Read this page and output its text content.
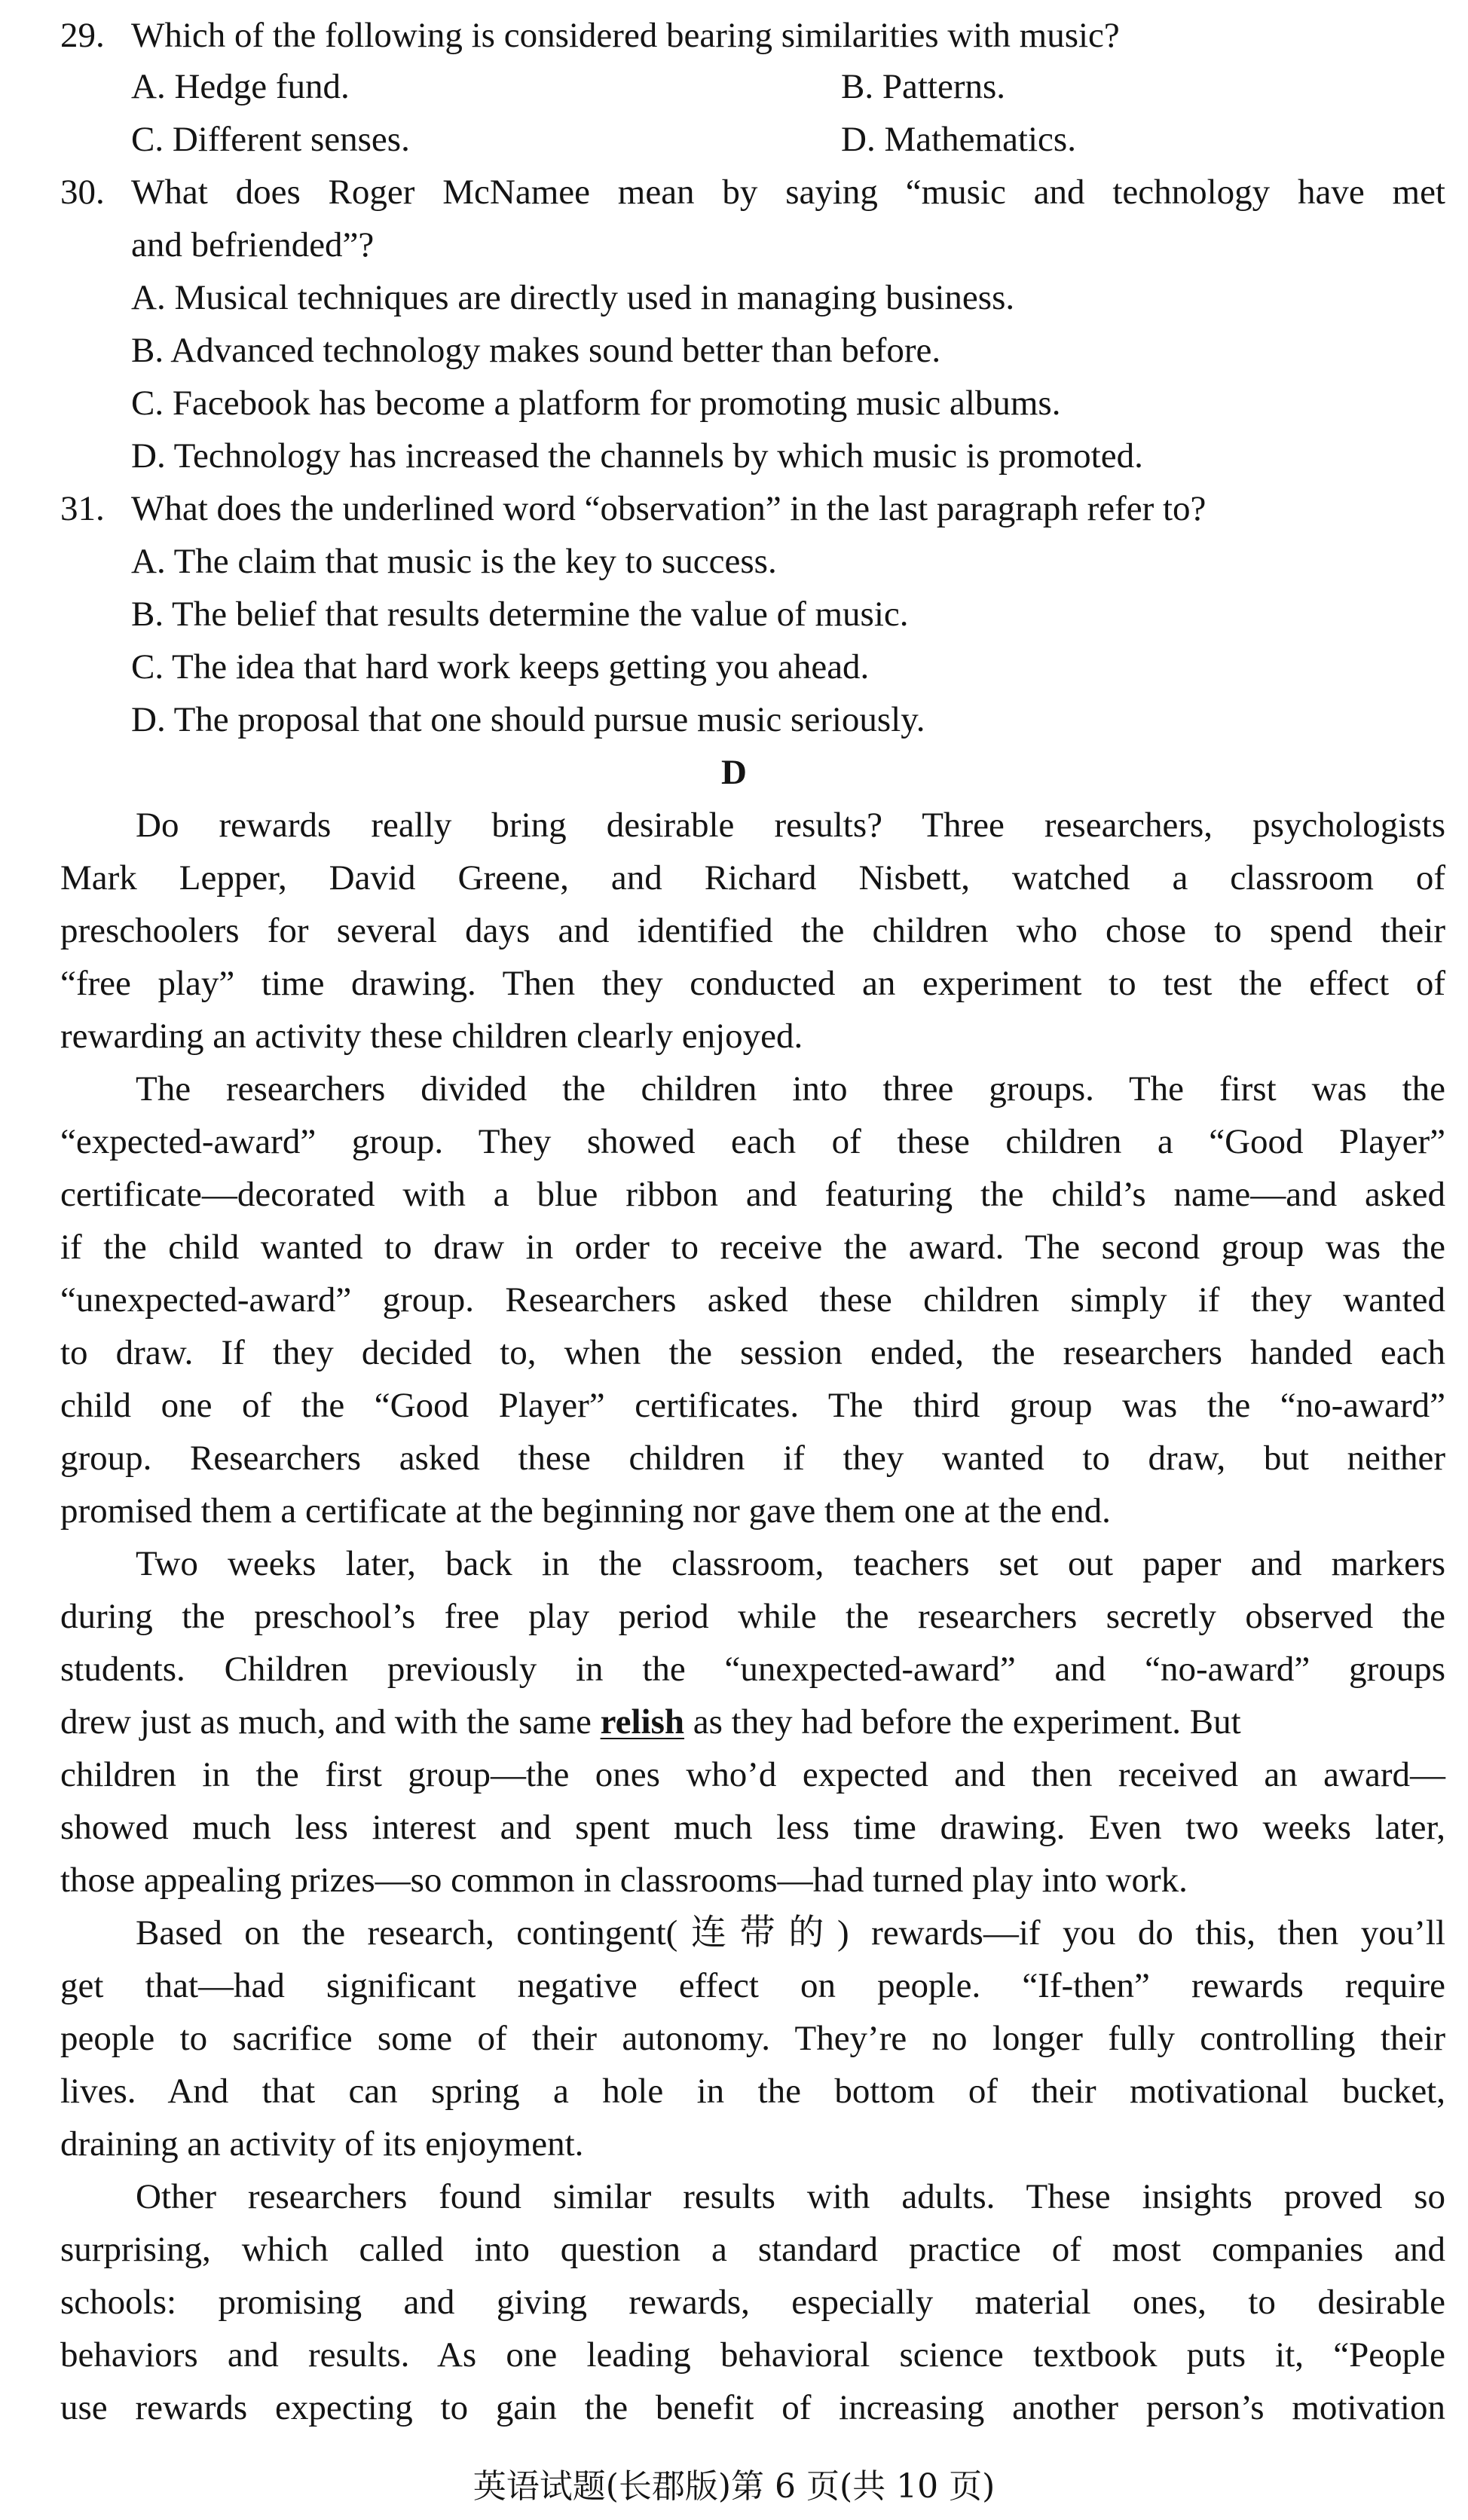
29. Which of the following is considered bearing similarities with music?
A. Hedge fund.	B. Patterns.
C. Different senses.	D. Mathematics.
30. What does Roger McNamee mean by saying “music and technology have met
and befriended”?
A. Musical techniques are directly used in managing business.
B. Advanced technology makes sound better than before.
C. Facebook has become a platform for promoting music albums.
D. Technology has increased the channels by which music is promoted.
31. What does the underlined word “observation” in the last paragraph refer to?
A. The claim that music is the key to success.
B. The belief that results determine the value of music.
C. The idea that hard work keeps getting you ahead.
D. The proposal that one should pursue music seriously.
D
Do rewards really bring desirable results? Three researchers, psychologists
Mark Lepper, David Greene, and Richard Nisbett, watched a classroom of
preschoolers for several days and identified the children who chose to spend their
“free play” time drawing. Then they conducted an experiment to test the effect of
rewarding an activity these children clearly enjoyed.
The researchers divided the children into three groups. The first was the
“expected-award” group. They showed each of these children a “Good Player”
certificate—decorated with a blue ribbon and featuring the child’s name—and asked
if the child wanted to draw in order to receive the award. The second group was the
“unexpected-award” group. Researchers asked these children simply if they wanted
to draw. If they decided to, when the session ended, the researchers handed each
child one of the “Good Player” certificates. The third group was the “no-award”
group. Researchers asked these children if they wanted to draw, but neither
promised them a certificate at the beginning nor gave them one at the end.
Two weeks later, back in the classroom, teachers set out paper and markers
during the preschool’s free play period while the researchers secretly observed the
students. Children previously in the “unexpected-award” and “no-award” groups
drew just as much, and with the same relish as they had before the experiment. But
children in the first group—the ones who’d expected and then received an award—
showed much less interest and spent much less time drawing. Even two weeks later,
those appealing prizes—so common in classrooms—had turned play into work.
Based on the research, contingent(连带的) rewards—if you do this, then you’ll
get that—had significant negative effect on people. “If-then” rewards require
people to sacrifice some of their autonomy. They’re no longer fully controlling their
lives. And that can spring a hole in the bottom of their motivational bucket,
draining an activity of its enjoyment.
Other researchers found similar results with adults. These insights proved so
surprising, which called into question a standard practice of most companies and
schools: promising and giving rewards, especially material ones, to desirable
behaviors and results. As one leading behavioral science textbook puts it, “People
use rewards expecting to gain the benefit of increasing another person’s motivation
英语试题(长郡版)第 6 页(共 10 页)
